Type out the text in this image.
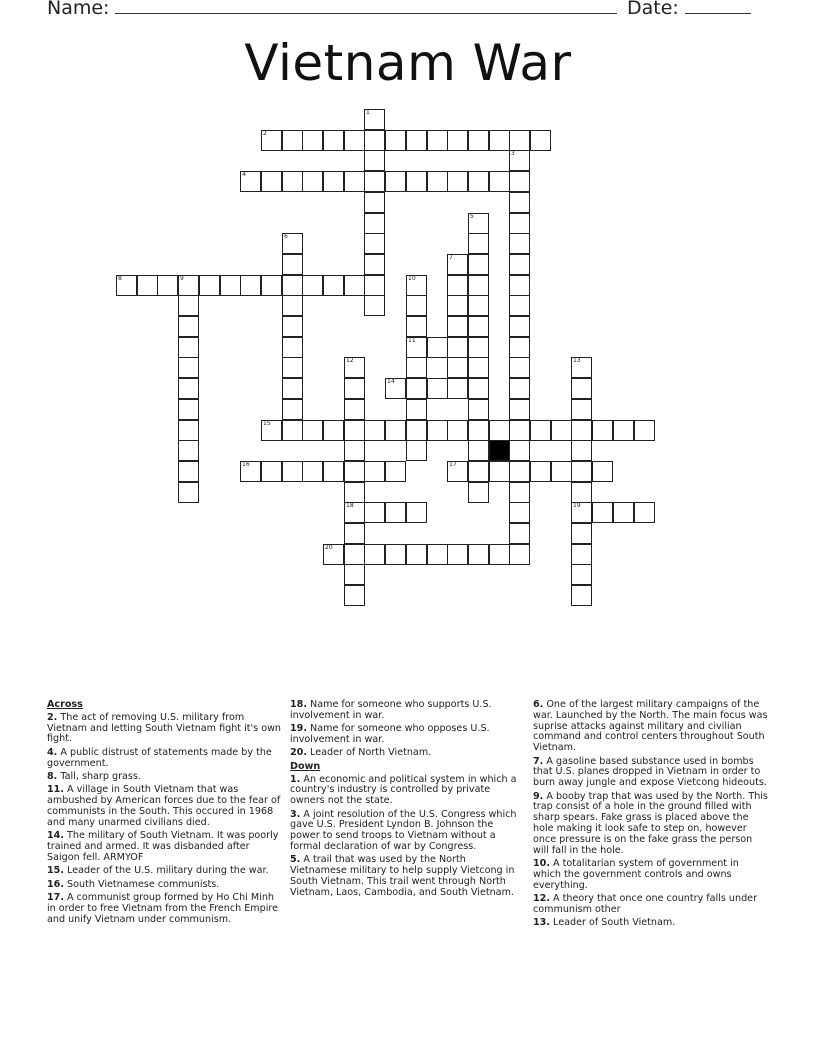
Name:	Date:
Vietnam War
1
2
3
4
5
6
7
8	9	10
11
12
18
13
19
14
15
16	17
20
Across
2. The act of removing U.S. military from Vietnam and letting South Vietnam fight it's own fight.
4. A public distrust of statements made by the government.
8. Tall, sharp grass.
11. A village in South Vietnam that was ambushed by American forces due to the fear of communists in the South. This occured in 1968 and many unarmed civilians died.
14. The military of South Vietnam. It was poorly trained and armed. It was disbanded after Saigon fell. ARMYOF
15. Leader of the U.S. military during the war.
16. South Vietnamese communists.
17. A communist group formed by Ho Chi Minh in order to free Vietnam from the French Empire and unify Vietnam under communism.
18. Name for someone who supports U.S. involvement in war.
19. Name for someone who opposes U.S. involvement in war.
20. Leader of North Vietnam.
Down
1. An economic and political system in which a country's industry is controlled by private owners not the state.
3. A joint resolution of the U.S. Congress which gave U.S. President Lyndon B. Johnson the power to send troops to Vietnam without a formal declaration of war by Congress.
5. A trail that was used by the North Vietnamese military to help supply Vietcong in South Vietnam. This trail went through North Vietnam, Laos, Cambodia, and South Vietnam.
6. One of the largest military campaigns of the war. Launched by the North. The main focus was suprise attacks against military and civilian command and control centers throughout South Vietnam.
7. A gasoline based substance used in bombs that U.S. planes dropped in Vietnam in order to burn away jungle and expose Vietcong hideouts.
9. A booby trap that was used by the North. This trap consist of a hole in the ground filled with sharp spears. Fake grass is placed above the hole making it look safe to step on, however once pressure is on the fake grass the person will fall in the hole.
10. A totalitarian system of government in which the government controls and owns everything.
12. A theory that once one country falls under communism other
13. Leader of South Vietnam.
